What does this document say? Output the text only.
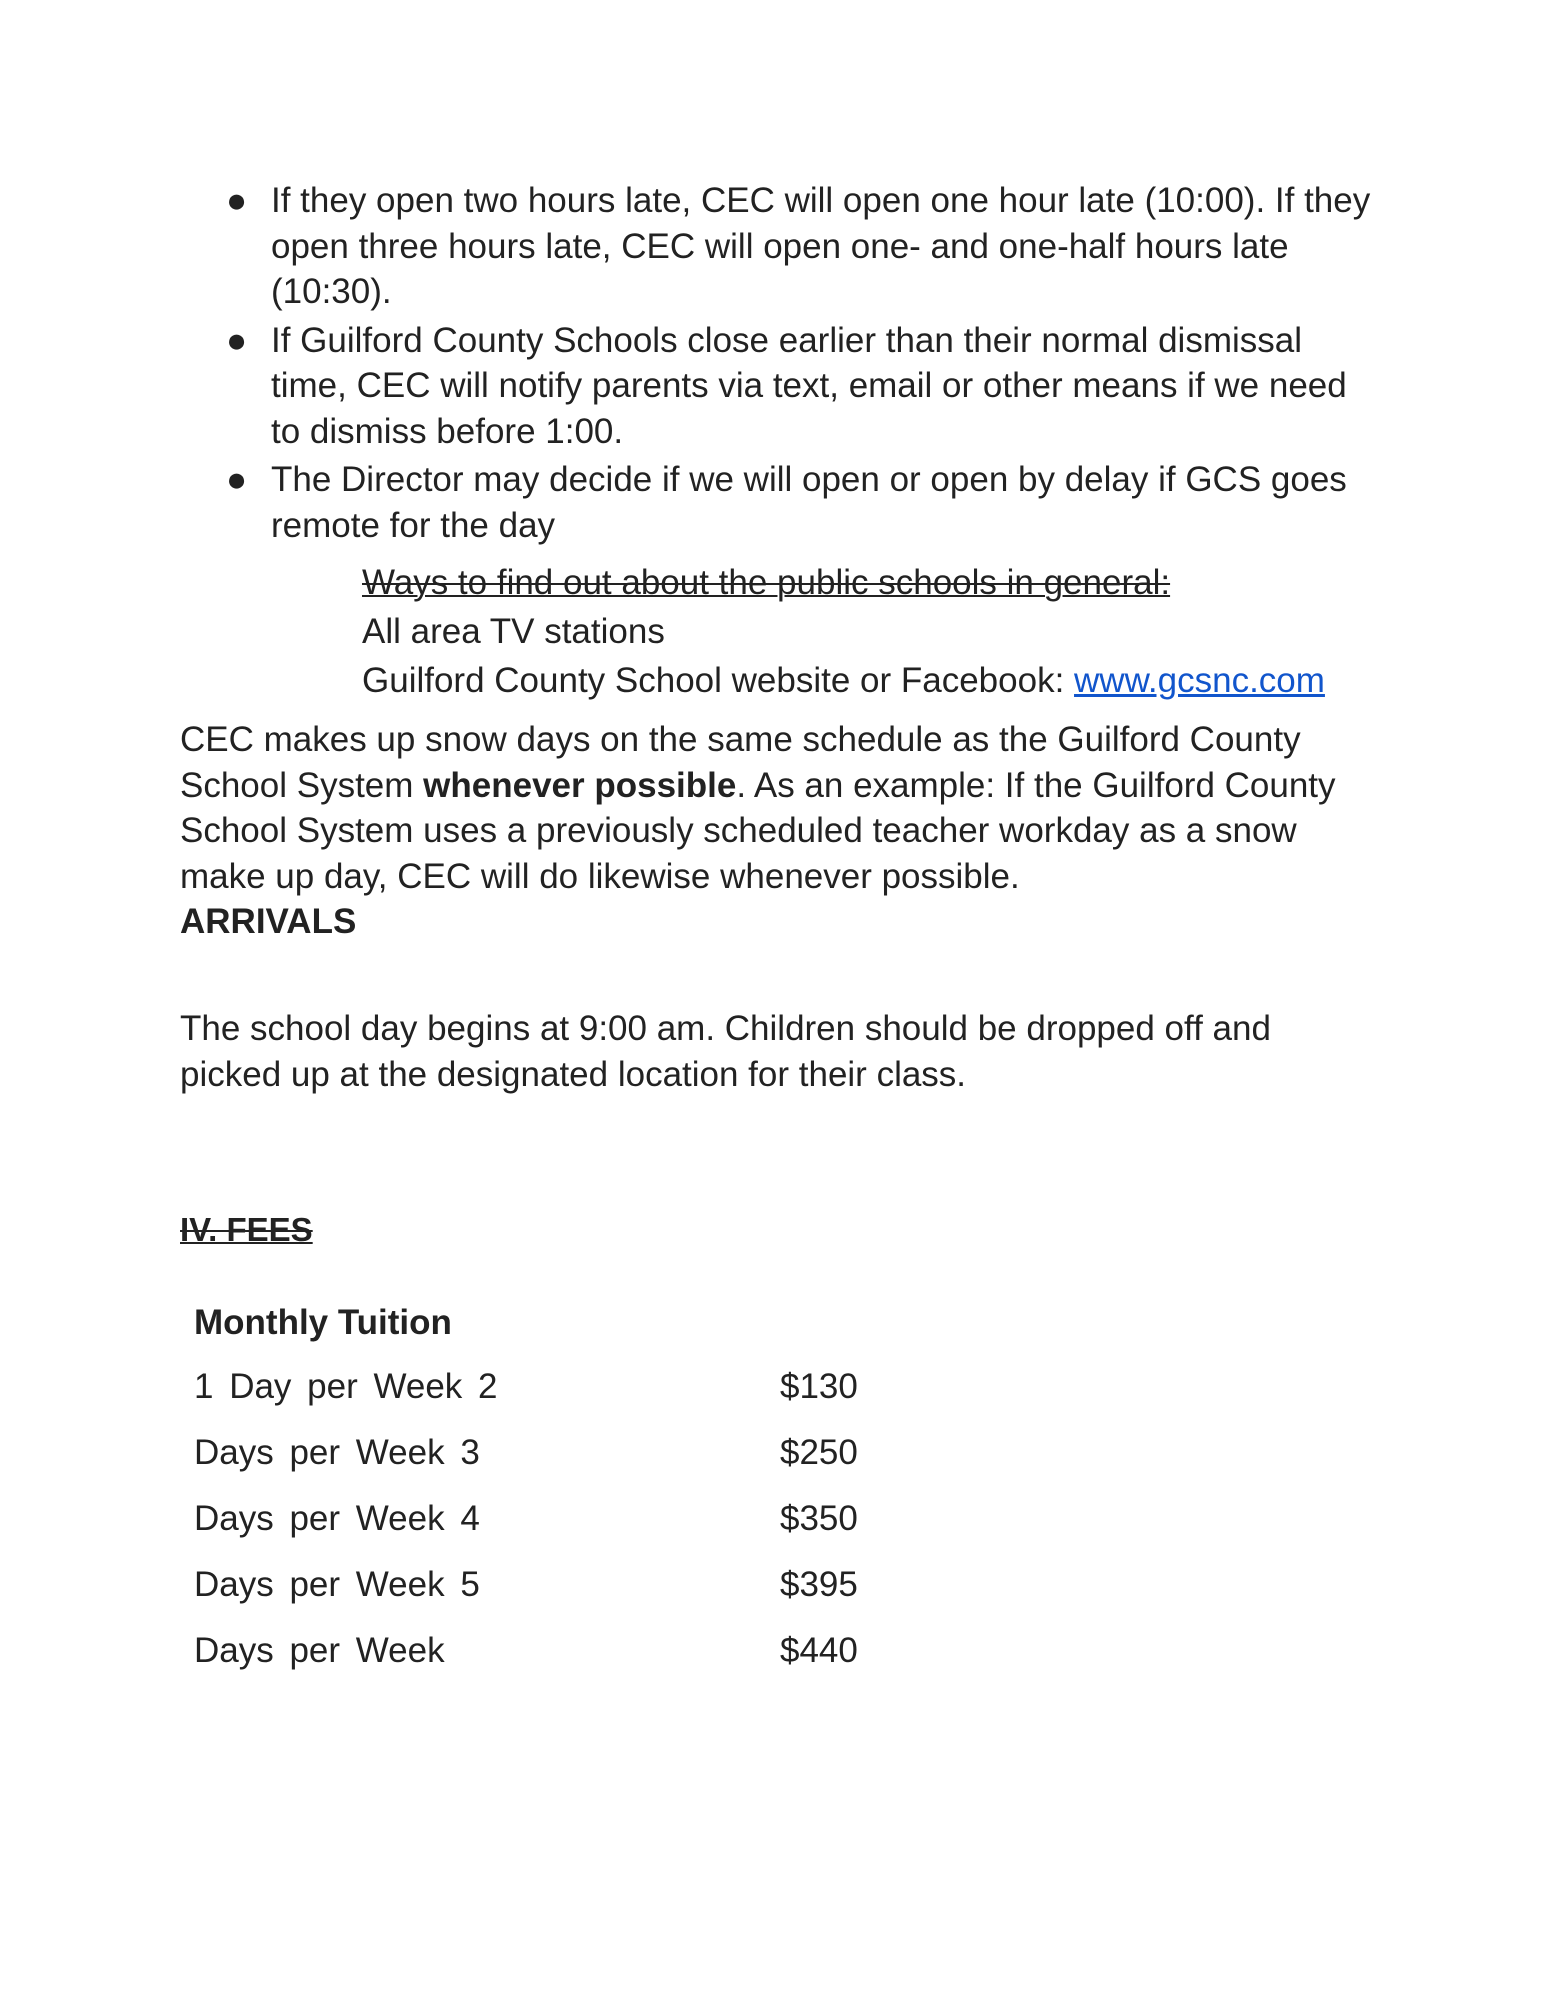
● If they open two hours late, CEC will open one hour late (10:00). If they open three hours late, CEC will open one- and one-half hours late (10:30).
● If Guilford County Schools close earlier than their normal dismissal time, CEC will notify parents via text, email or other means if we need to dismiss before 1:00.
● The Director may decide if we will open or open by delay if GCS goes remote for the day
Ways to find out about the public schools in general:
All area TV stations
Guilford County School website or Facebook: www.gcsnc.com
CEC makes up snow days on the same schedule as the Guilford County School System whenever possible. As an example: If the Guilford County School System uses a previously scheduled teacher workday as a snow make up day, CEC will do likewise whenever possible.
ARRIVALS
The school day begins at 9:00 am. Children should be dropped off and picked up at the designated location for their class.
IV. FEES
Monthly Tuition
1 Day per Week 2	$130
Days per Week 3	$250
Days per Week 4	$350
Days per Week 5	$395
Days per Week	$440
